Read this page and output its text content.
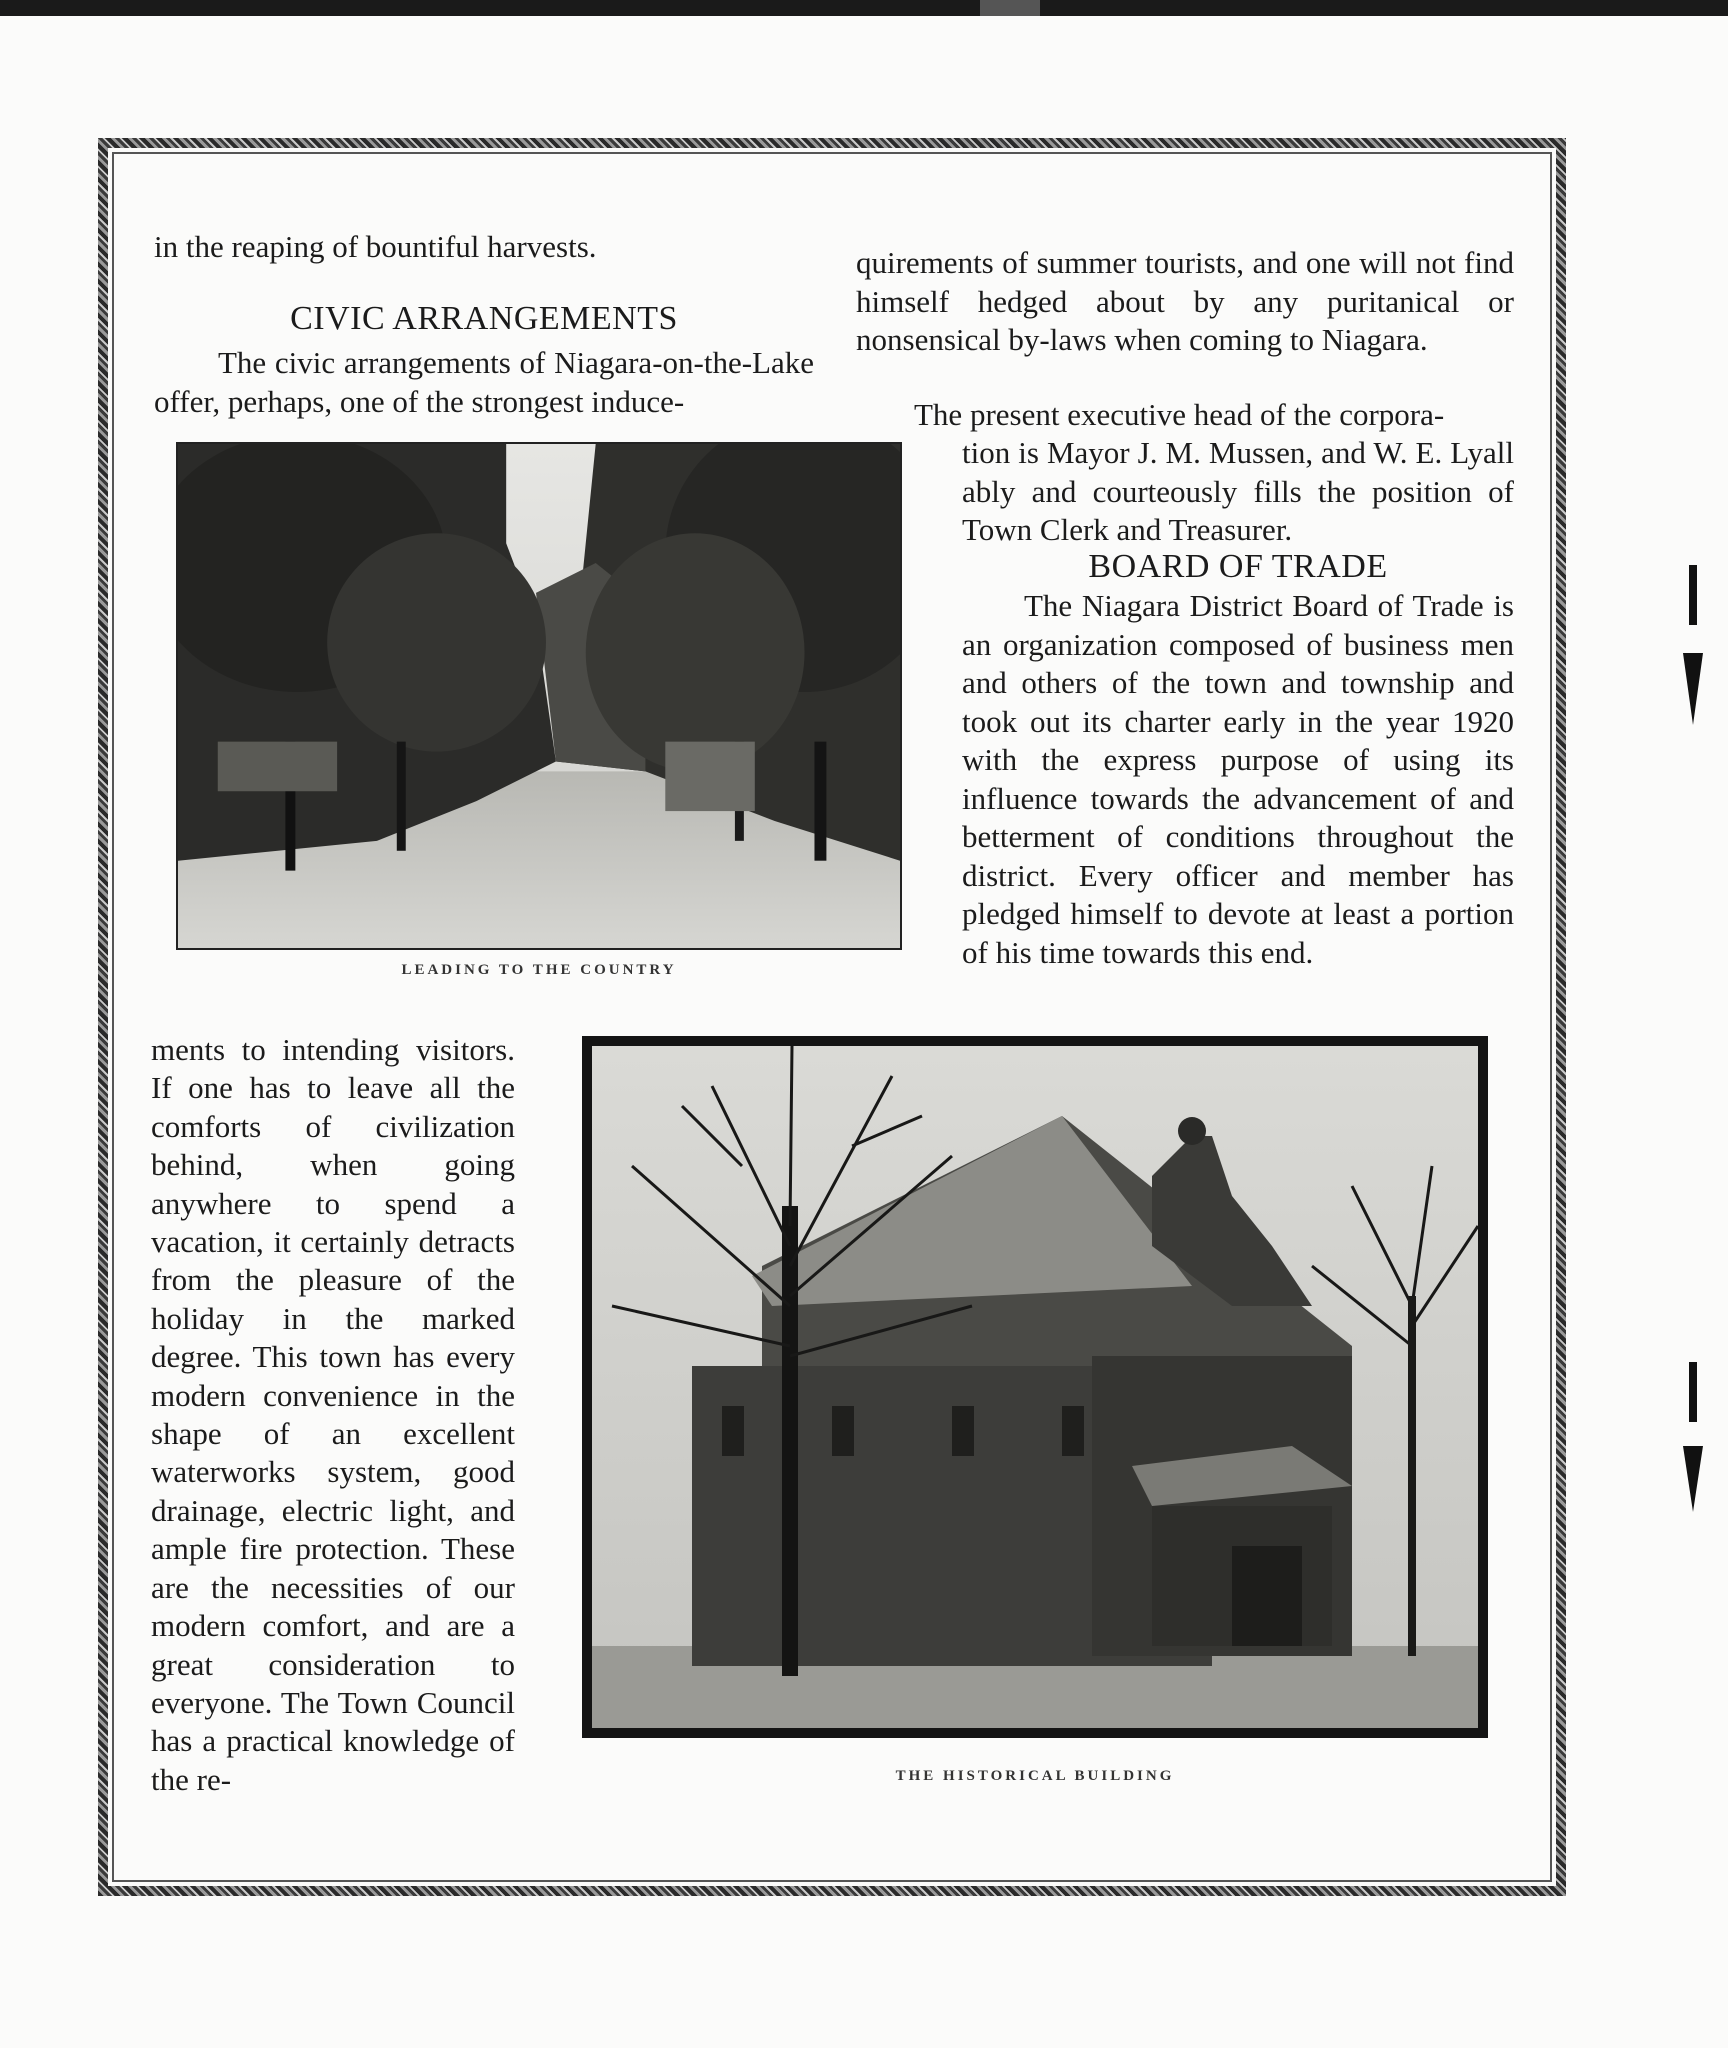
in the reaping of bountiful harvests.

CIVIC ARRANGEMENTS

The civic arrangements of Niagara-on-the-Lake offer, perhaps, one of the strongest induce-

LEADING TO THE COUNTRY

quirements of summer tourists, and one will not find himself hedged about by any puritanical or nonsensical by-laws when coming to Niagara.

The present executive head of the corpora-

tion is Mayor J. M. Mussen, and W. E. Lyall ably and courteously fills the position of Town Clerk and Treasurer.

BOARD OF TRADE

The Niagara District Board of Trade is an organization composed of business men and others of the town and township and took out its charter early in the year 1920 with the express purpose of using its influence towards the advancement of and betterment of conditions throughout the district. Every officer and member has pledged himself to devote at least a portion of his time towards this end.

ments to intending visitors. If one has to leave all the comforts of civilization behind, when going anywhere to spend a vacation, it certainly detracts from the pleasure of the holiday in the marked degree. This town has every modern convenience in the shape of an excellent waterworks system, good drainage, electric light, and ample fire protection. These are the necessities of our modern comfort, and are a great consideration to everyone. The Town Council has a practical knowledge of the re-	THE HISTORICAL BUILDING
